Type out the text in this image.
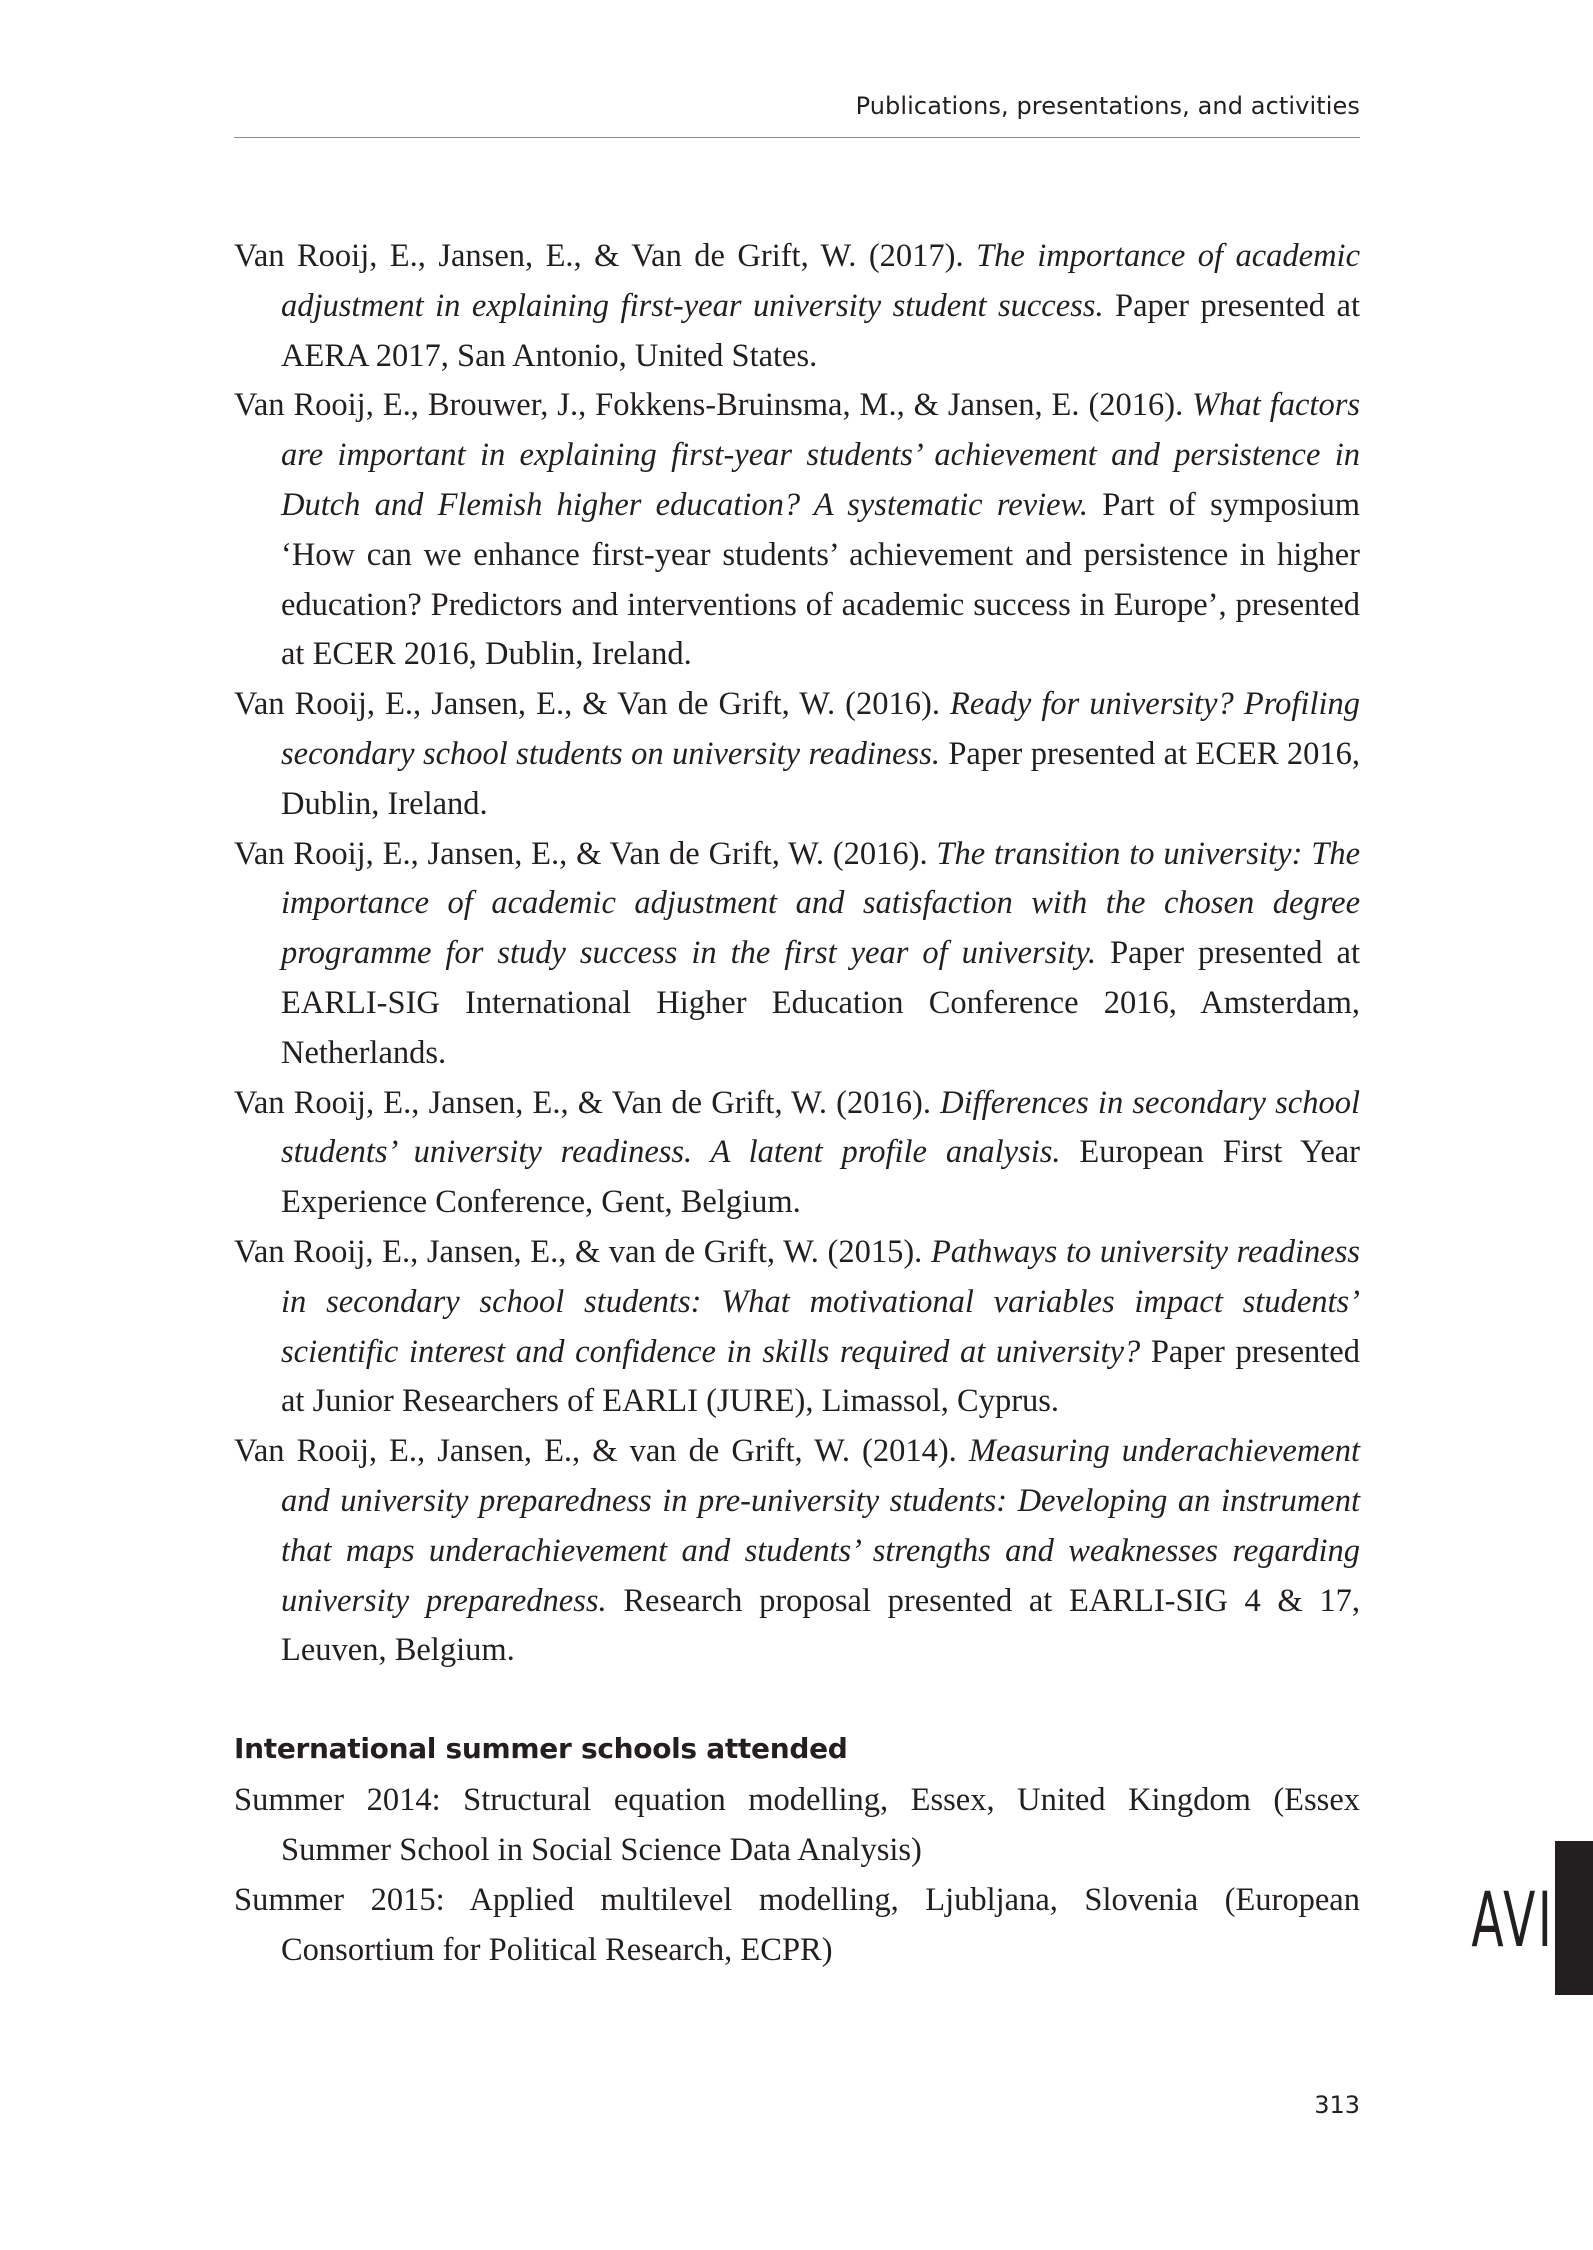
Publications, presentations, and activities

Van Rooij, E., Jansen, E., & Van de Grift, W. (2017). The importance of academic adjustment in explaining first-year university student success. Paper presented at AERA 2017, San Antonio, United States.

Van Rooij, E., Brouwer, J., Fokkens-Bruinsma, M., & Jansen, E. (2016). What factors are important in explaining first-year students’ achievement and persistence in Dutch and Flemish higher education? A systematic review. Part of symposium ‘How can we enhance first-year students’ achievement and persistence in higher education? Predictors and interventions of academic success in Europe’, presented at ECER 2016, Dublin, Ireland.

Van Rooij, E., Jansen, E., & Van de Grift, W. (2016). Ready for university? Profiling secondary school students on university readiness. Paper presented at ECER 2016, Dublin, Ireland.

Van Rooij, E., Jansen, E., & Van de Grift, W. (2016). The transition to university: The importance of academic adjustment and satisfaction with the chosen degree programme for study success in the first year of university. Paper presented at EARLI-SIG International Higher Education Conference 2016, Amsterdam, Netherlands.

Van Rooij, E., Jansen, E., & Van de Grift, W. (2016). Differences in secondary school students’ university readiness. A latent profile analysis. European First Year Experience Conference, Gent, Belgium.

Van Rooij, E., Jansen, E., & van de Grift, W. (2015). Pathways to university readiness in secondary school students: What motivational variables impact students’ scientific interest and confidence in skills required at university? Paper presented at Junior Researchers of EARLI (JURE), Limassol, Cyprus.

Van Rooij, E., Jansen, E., & van de Grift, W. (2014). Measuring underachievement and university preparedness in pre-university students: Developing an instrument that maps underachievement and students’ strengths and weaknesses regarding university preparedness. Research proposal presented at EARLI-SIG 4 & 17, Leuven, Belgium.

International summer schools attended

Summer 2014: Structural equation modelling, Essex, United Kingdom (Essex Summer School in Social Science Data Analysis)

Summer 2015: Applied multilevel modelling, Ljubljana, Slovenia (European Consortium for Political Research, ECPR)	AVI
313
